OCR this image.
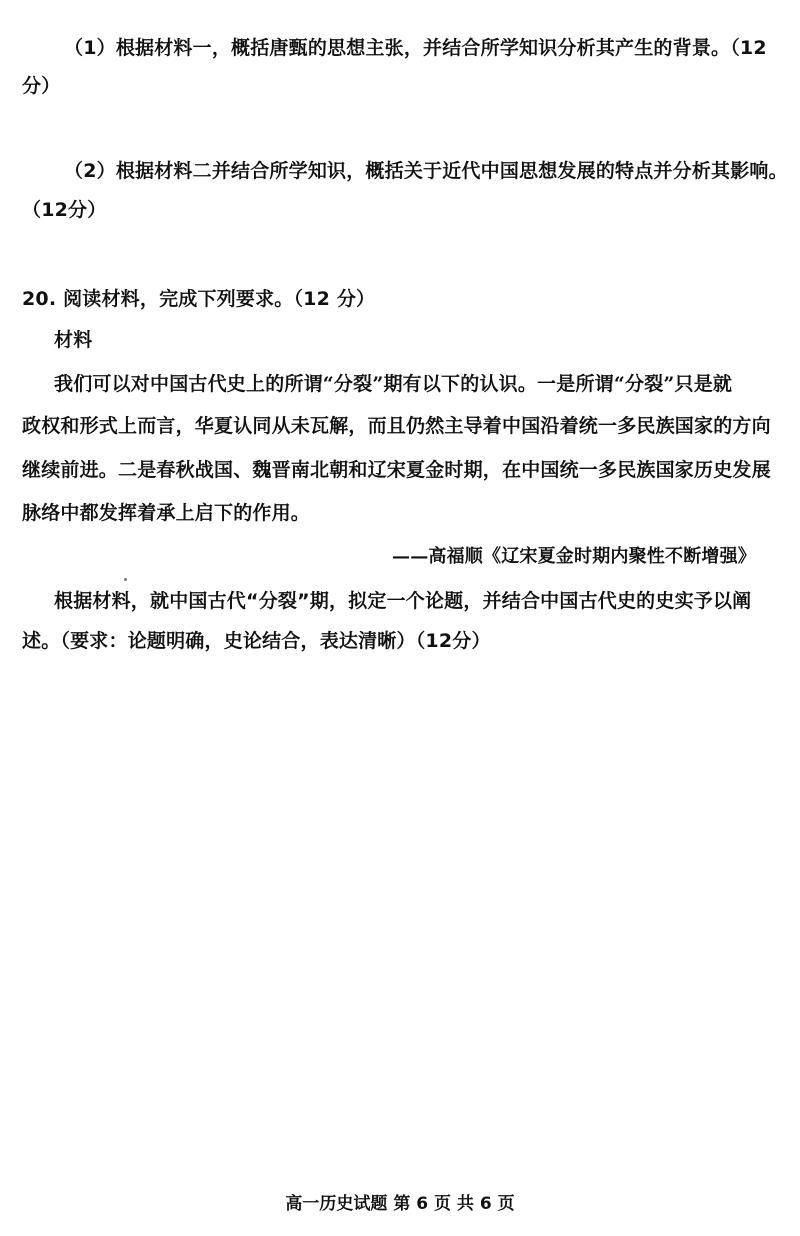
（1）根据材料一，概括唐甄的思想主张，并结合所学知识分析其产生的背景。（12
分）
（2）根据材料二并结合所学知识，概括关于近代中国思想发展的特点并分析其影响。
（12分）
20. 阅读材料，完成下列要求。（12 分）
材料
我们可以对中国古代史上的所谓“分裂”期有以下的认识。一是所谓“分裂”只是就
政权和形式上而言，华夏认同从未瓦解，而且仍然主导着中国沿着统一多民族国家的方向
继续前进。二是春秋战国、魏晋南北朝和辽宋夏金时期，在中国统一多民族国家历史发展
脉络中都发挥着承上启下的作用。
——高福顺《辽宋夏金时期内聚性不断增强》
根据材料，就中国古代“分裂”期，拟定一个论题，并结合中国古代史的史实予以阐
述。（要求：论题明确，史论结合，表达清晰）（12分）
高一历史试题 第 6 页 共 6 页
